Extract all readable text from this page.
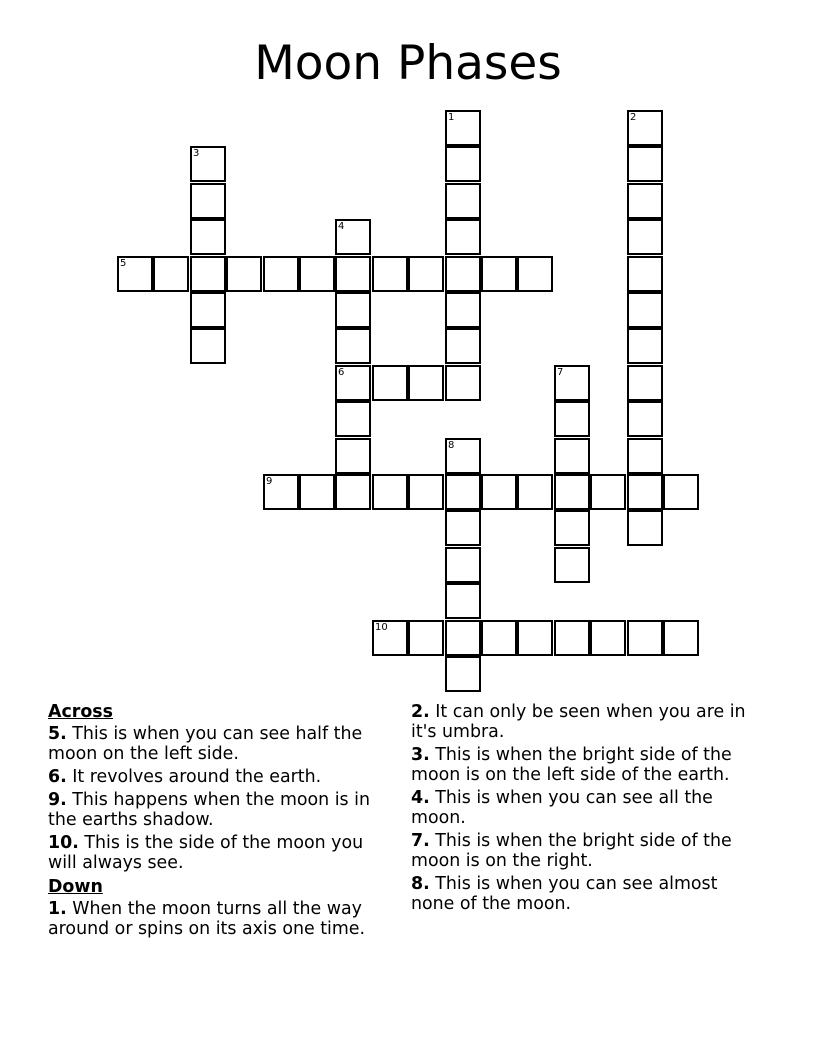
Moon Phases
1	2
3
4
6
5
7
8
9
10
Across
5. This is when you can see half the moon on the left side.
6. It revolves around the earth.
9. This happens when the moon is in the earths shadow.
10. This is the side of the moon you will always see.
Down
1. When the moon turns all the way around or spins on its axis one time.
2. It can only be seen when you are in it's umbra.
3. This is when the bright side of the moon is on the left side of the earth.
4. This is when you can see all the moon.
7. This is when the bright side of the moon is on the right.
8. This is when you can see almost none of the moon.
